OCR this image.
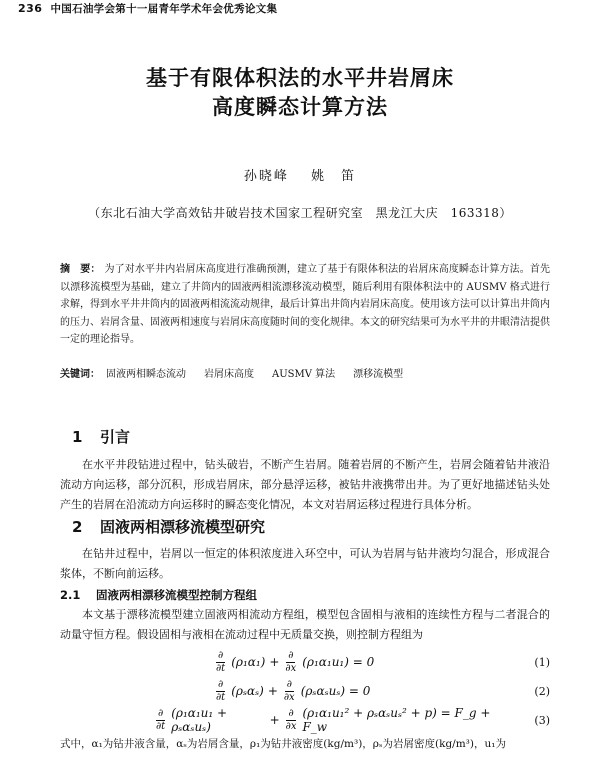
236 中国石油学会第十一届青年学术年会优秀论文集
基于有限体积法的水平井岩屑床
高度瞬态计算方法
孙晓峰 姚　笛
（东北石油大学高效钻井破岩技术国家工程研究室　黑龙江大庆　163318）
摘　要： 为了对水平井内岩屑床高度进行准确预测，建立了基于有限体积法的岩屑床高度瞬态计算方法。首先以漂移流模型为基础，建立了井筒内的固液两相流漂移流动模型，随后利用有限体积法中的 AUSMV 格式进行求解，得到水平井井筒内的固液两相流流动规律，最后计算出井筒内岩屑床高度。使用该方法可以计算出井筒内的压力、岩屑含量、固液两相速度与岩屑床高度随时间的变化规律。本文的研究结果可为水平井的井眼清洁提供一定的理论指导。
关键词： 固液两相瞬态流动 岩屑床高度 AUSMV 算法 漂移流模型
1 引言
在水平井段钻进过程中，钻头破岩，不断产生岩屑。随着岩屑的不断产生，岩屑会随着钻井液沿流动方向运移，部分沉积，形成岩屑床，部分悬浮运移，被钻井液携带出井。为了更好地描述钻头处产生的岩屑在沿流动方向运移时的瞬态变化情况，本文对岩屑运移过程进行具体分析。
2 固液两相漂移流模型研究
在钻井过程中，岩屑以一恒定的体积浓度进入环空中，可认为岩屑与钻井液均匀混合，形成混合浆体，不断向前运移。
2.1 固液两相漂移流模型控制方程组
本文基于漂移流模型建立固液两相流动方程组，模型包含固相与液相的连续性方程与二者混合的动量守恒方程。假设固相与液相在流动过程中无质量交换，则控制方程组为
$\frac{\partial}{\partial t} (\rho_1\alpha_1) + \frac{\partial}{\partial x} (\rho_1\alpha_1u_1) = 0$	(1)
$\frac{\partial}{\partial t} (\rho_s\alpha_s) + \frac{\partial}{\partial x} (\rho_s\alpha_su_s) = 0$	(2)
$\frac{\partial}{\partial t} (\rho_1\alpha_1u_1 + \rho_s\alpha_su_s)$	+ $\frac{\partial}{\partial x} (\rho_1\alpha_1u_1^2 + \rho_s\alpha_su_s^2 + p)$ = F_g + F_w	(3)
式中，α₁为钻井液含量，αₛ为岩屑含量，ρ₁为钻井液密度(kg/m³)，ρₛ为岩屑密度(kg/m³)，u₁为
